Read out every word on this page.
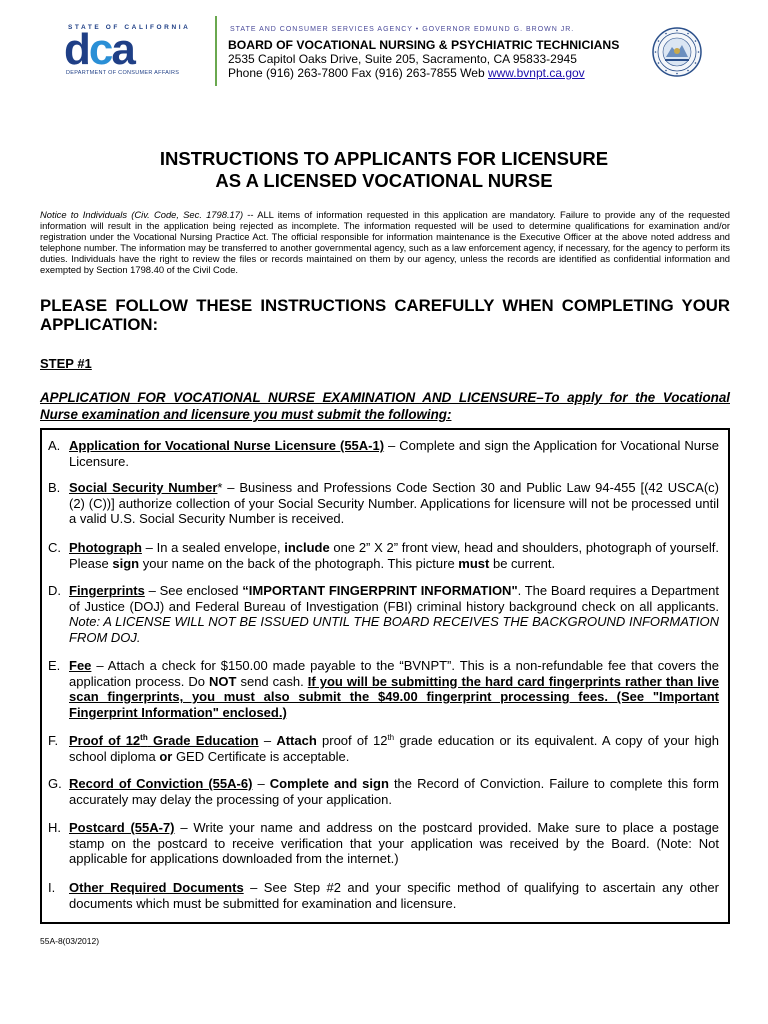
STATE OF CALIFORNIA
dca
DEPARTMENT OF CONSUMER AFFAIRS
STATE AND CONSUMER SERVICES AGENCY • GOVERNOR EDMUND G. BROWN JR.
BOARD OF VOCATIONAL NURSING & PSYCHIATRIC TECHNICIANS
2535 Capitol Oaks Drive, Suite 205, Sacramento, CA 95833-2945
Phone (916) 263-7800 Fax (916) 263-7855 Web www.bvnpt.ca.gov
INSTRUCTIONS TO APPLICANTS FOR LICENSURE
AS A LICENSED VOCATIONAL NURSE
Notice to Individuals (Civ. Code, Sec. 1798.17) -- ALL items of information requested in this application are mandatory. Failure to provide any of the requested information will result in the application being rejected as incomplete. The information requested will be used to determine qualifications for examination and/or registration under the Vocational Nursing Practice Act. The official responsible for information maintenance is the Executive Officer at the above noted address and telephone number. The information may be transferred to another governmental agency, such as a law enforcement agency, if necessary, for the agency to perform its duties. Individuals have the right to review the files or records maintained on them by our agency, unless the records are identified as confidential information and exempted by Section 1798.40 of the Civil Code.
PLEASE FOLLOW THESE INSTRUCTIONS CAREFULLY WHEN COMPLETING YOUR APPLICATION:
STEP #1
APPLICATION FOR VOCATIONAL NURSE EXAMINATION AND LICENSURE–To apply for the Vocational Nurse examination and licensure you must submit the following:
A. Application for Vocational Nurse Licensure (55A-1) – Complete and sign the Application for Vocational Nurse Licensure.
B. Social Security Number* – Business and Professions Code Section 30 and Public Law 94-455 [(42 USCA(c) (2) (C))] authorize collection of your Social Security Number. Applications for licensure will not be processed until a valid U.S. Social Security Number is received.
C. Photograph – In a sealed envelope, include one 2” X 2” front view, head and shoulders, photograph of yourself. Please sign your name on the back of the photograph. This picture must be current.
D. Fingerprints – See enclosed “IMPORTANT FINGERPRINT INFORMATION". The Board requires a Department of Justice (DOJ) and Federal Bureau of Investigation (FBI) criminal history background check on all applicants. Note: A LICENSE WILL NOT BE ISSUED UNTIL THE BOARD RECEIVES THE BACKGROUND INFORMATION FROM DOJ.
E. Fee – Attach a check for $150.00 made payable to the “BVNPT”. This is a non-refundable fee that covers the application process. Do NOT send cash. If you will be submitting the hard card fingerprints rather than live scan fingerprints, you must also submit the $49.00 fingerprint processing fees. (See "Important Fingerprint Information" enclosed.)
F. Proof of 12th Grade Education – Attach proof of 12th grade education or its equivalent. A copy of your high school diploma or GED Certificate is acceptable.
G. Record of Conviction (55A-6) – Complete and sign the Record of Conviction. Failure to complete this form accurately may delay the processing of your application.
H. Postcard (55A-7) – Write your name and address on the postcard provided. Make sure to place a postage stamp on the postcard to receive verification that your application was received by the Board. (Note: Not applicable for applications downloaded from the internet.)
I. Other Required Documents – See Step #2 and your specific method of qualifying to ascertain any other documents which must be submitted for examination and licensure.
55A-8(03/2012)
